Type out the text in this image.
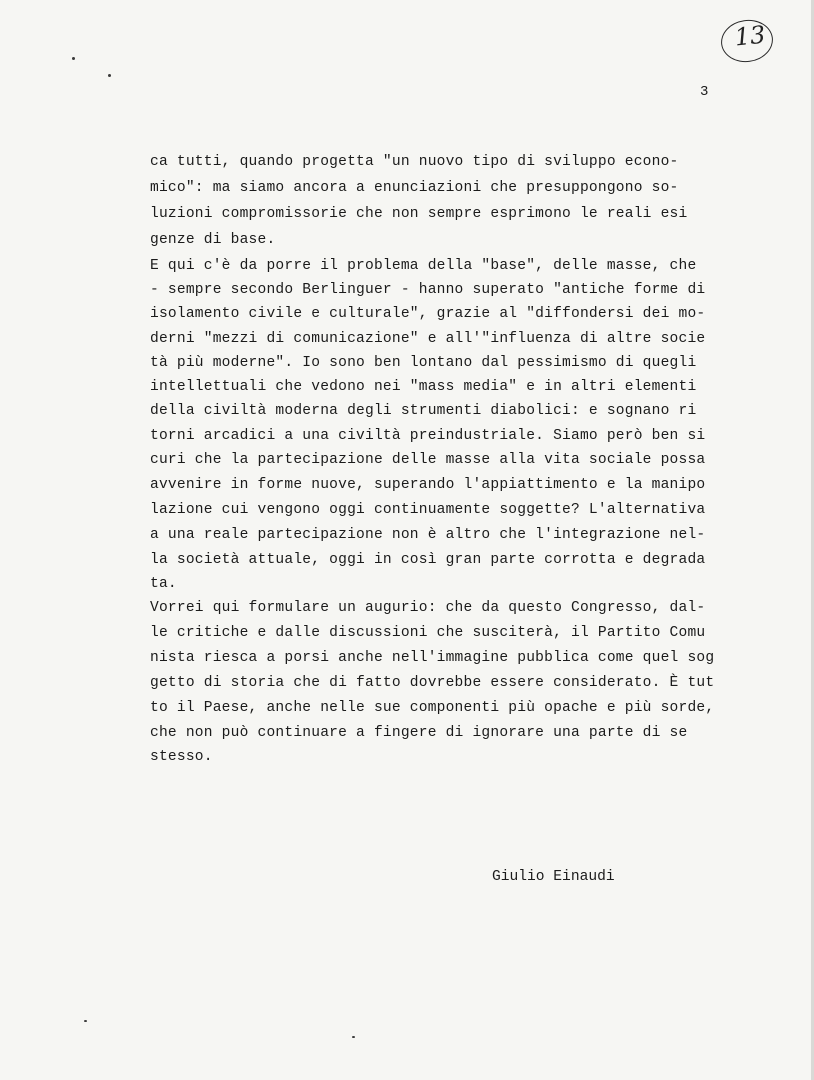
13
3
ca tutti, quando progetta "un nuovo tipo di sviluppo econo-
mico": ma siamo ancora a enunciazioni che presuppongono so-
luzioni compromissorie che non sempre esprimono le reali esi
genze di base.
E qui c'è da porre il problema della "base", delle masse, che
- sempre secondo Berlinguer - hanno superato "antiche forme di
isolamento civile e culturale", grazie al "diffondersi dei mo-
derni "mezzi di comunicazione" e all'"influenza di altre socie
tà più moderne". Io sono ben lontano dal pessimismo di quegli
intellettuali che vedono nei "mass media" e in altri elementi
della civiltà moderna degli strumenti diabolici: e sognano ri
torni arcadici a una civiltà preindustriale. Siamo però ben si
curi che la partecipazione delle masse alla vita sociale possa
avvenire in forme nuove, superando l'appiattimento e la manipo
lazione cui vengono oggi continuamente soggette? L'alternativa
a una reale partecipazione non è altro che l'integrazione nel-
la società attuale, oggi in così gran parte corrotta e degrada
ta.
Vorrei qui formulare un augurio: che da questo Congresso, dal-
le critiche e dalle discussioni che susciterà, il Partito Comu
nista riesca a porsi anche nell'immagine pubblica come quel sog
getto di storia che di fatto dovrebbe essere considerato. È tut
to il Paese, anche nelle sue componenti più opache e più sorde,
che non può continuare a fingere di ignorare una parte di se
stesso.
Giulio Einaudi
